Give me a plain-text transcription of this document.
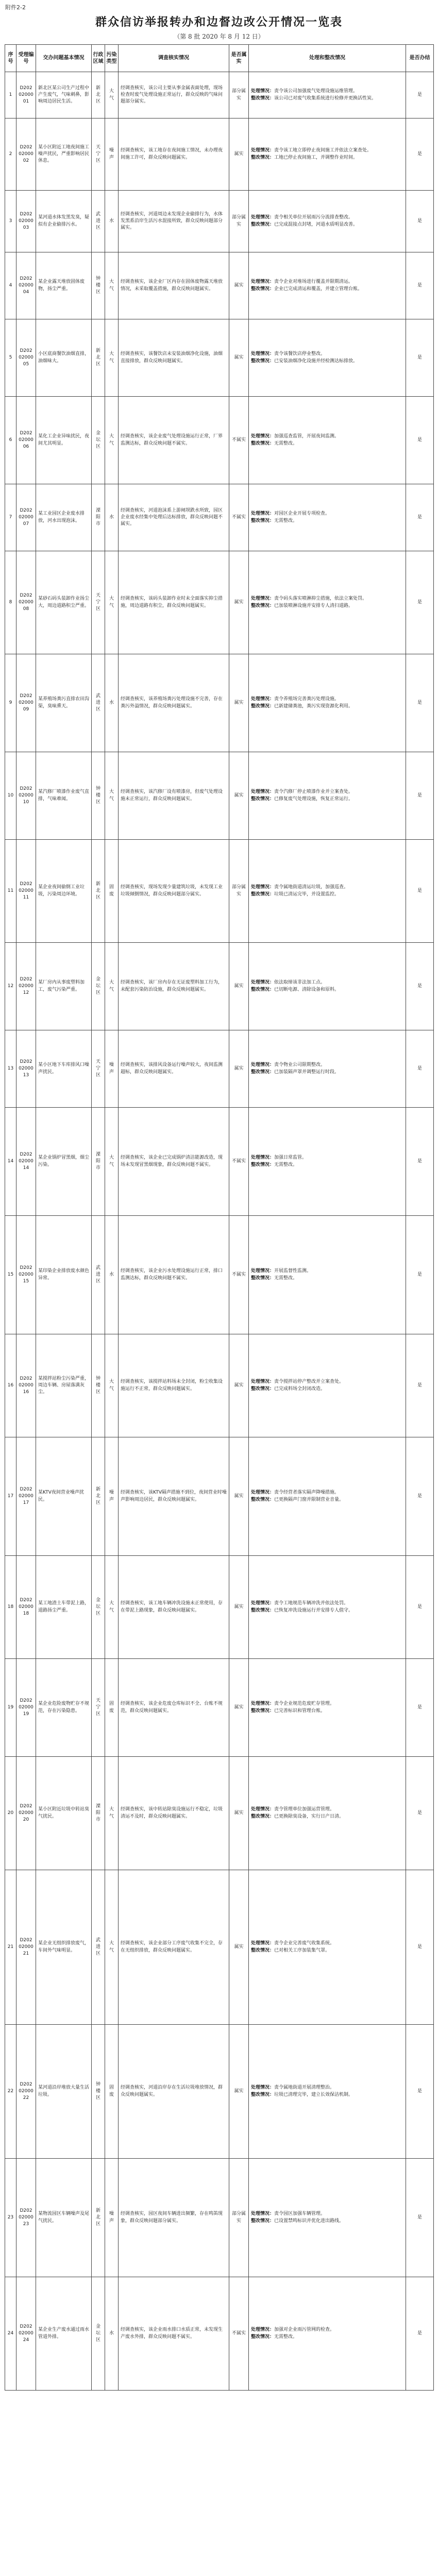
附件2-2
群众信访举报转办和边督边改公开情况一览表
（第 8 批 2020 年 8 月 12 日）
序号	受理编号	交办问题基本情况	行政区域	污染类型	调查核实情况	是否属实	处理和整改情况	是否办结
1	D2020200001	新北区某公司生产过程中产生废气，气味刺鼻，影响周边居民生活。	新北区	大气	经调查核实，该公司主要从事金属表面处理，现场检查时废气处理设施正常运行，群众反映的气味问题部分属实。	部分属实	处理情况：责令该公司加强废气处理设施运维管理。
整改情况：该公司已对废气收集系统进行检修并更换活性炭。	是
2	D2020200002	某小区附近工地夜间施工噪声扰民，严重影响居民休息。	天宁区	噪声	经调查核实，该工地存在夜间施工情况，未办理夜间施工许可，群众反映问题属实。	属实	处理情况：责令该工地立即停止夜间施工并依法立案查处。
整改情况：工地已停止夜间施工，并调整作业时间。	是
3	D2020200003	某河道水体发黑发臭，疑似有企业偷排污水。	武进区	水	经调查核实，河道周边未发现企业偷排行为，水体发黑系沿岸生活污水混接所致，群众反映问题部分属实。	部分属实	处理情况：责令相关单位开展雨污分流排查整改。
整改情况：已完成混接点封堵，河道水质明显改善。	是
4	D2020200004	某企业露天堆放固体废物，扬尘严重。	钟楼区	大气	经调查核实，该企业厂区内存在固体废物露天堆放情况，未采取覆盖措施，群众反映问题属实。	属实	处理情况：责令企业对堆场进行覆盖并限期清运。
整改情况：企业已完成清运和覆盖，并建立管理台账。	是
5	D2020200005	小区底商餐饮油烟直排，油烟味大。	新北区	大气	经调查核实，该餐饮店未安装油烟净化设施，油烟直接排放，群众反映问题属实。	属实	处理情况：责令该餐饮店停业整改。
整改情况：已安装油烟净化设施并经检测达标排放。	是
6	D2020200006	某化工企业异味扰民，夜间尤其明显。	金坛区	大气	经调查核实，该企业废气处理设施运行正常，厂界监测达标，群众反映问题不属实。	不属实	处理情况：加强巡查监管，开展夜间监测。
整改情况：无需整改。	是
7	D2020200007	某工业园区企业废水排放，河水出现泡沫。	溧阳市	水	经调查核实，河道泡沫系上游闸坝跌水所致，园区企业废水经集中处理后达标排放，群众反映问题不属实。	不属实	处理情况：对园区企业开展专项检查。
整改情况：无需整改。	是
8	D2020200008	某砂石码头装卸作业扬尘大，周边道路积尘严重。	天宁区	大气	经调查核实，该码头装卸作业时未全面落实抑尘措施，周边道路有积尘，群众反映问题属实。	属实	处理情况：责令码头落实喷淋抑尘措施，依法立案处罚。
整改情况：已加装喷淋设施并安排专人清扫道路。	是
9	D2020200009	某养殖场粪污直排农田沟渠，臭味熏天。	武进区	水	经调查核实，该养殖场粪污处理设施不完善，存在粪污外溢情况，群众反映问题属实。	属实	处理情况：责令养殖场完善粪污处理设施。
整改情况：已新建储粪池，粪污实现资源化利用。	是
10	D2020200010	某汽修厂喷漆作业废气直排，气味难闻。	钟楼区	大气	经调查核实，该汽修厂设有喷漆房，但废气处理设施未正常运行，群众反映问题属实。	属实	处理情况：责令汽修厂停止喷漆作业并立案查处。
整改情况：已修复废气处理设施，恢复正常运行。	是
11	D2020200011	某企业夜间偷倒工业垃圾，污染周边环境。	新北区	固废	经调查核实，现场发现少量建筑垃圾，未发现工业垃圾倾倒情况，群众反映问题部分属实。	部分属实	处理情况：责令属地街道清运垃圾，加强巡查。
整改情况：垃圾已清运完毕，并设置监控。	是
12	D2020200012	某厂房内从事废塑料加工，废气污染严重。	金坛区	大气	经调查核实，该厂房内存在无证废塑料加工行为，未配套污染防治设施，群众反映问题属实。	属实	处理情况：依法取缔该非法加工点。
整改情况：已切断电源、清除设备和原料。	是
13	D2020200013	某小区地下车库排风口噪声扰民。	天宁区	噪声	经调查核实，该排风设备运行噪声较大，夜间监测超标，群众反映问题属实。	属实	处理情况：责令物业公司限期整改。
整改情况：已加装隔声罩并调整运行时段。	是
14	D2020200014	某企业锅炉冒黑烟，烟尘污染。	溧阳市	大气	经调查核实，该企业已完成锅炉清洁能源改造，现场未发现冒黑烟现象，群众反映问题不属实。	不属实	处理情况：加强日常监管。
整改情况：无需整改。	是
15	D2020200015	某印染企业排放废水颜色异常。	武进区	水	经调查核实，该企业污水处理设施运行正常，排口监测达标，群众反映问题不属实。	不属实	处理情况：开展监督性监测。
整改情况：无需整改。	是
16	D2020200016	某搅拌站粉尘污染严重，周边车辆、房屋落满灰尘。	钟楼区	大气	经调查核实，该搅拌站料场未全封闭，粉尘收集设施运行不正常，群众反映问题属实。	属实	处理情况：责令搅拌站停产整改并立案查处。
整改情况：已完成料场全封闭改造。	是
17	D2020200017	某KTV夜间营业噪声扰民。	新北区	噪声	经调查核实，该KTV隔声措施不到位，夜间营业时噪声影响周边居民，群众反映问题属实。	属实	处理情况：责令经营者落实隔声降噪措施。
整改情况：已更换隔声门窗并限制营业音量。	是
18	D2020200018	某工地渣土车带泥上路，道路扬尘严重。	金坛区	大气	经调查核实，该工地车辆冲洗设施未正常使用，存在带泥上路现象，群众反映问题属实。	属实	处理情况：责令工地规范车辆冲洗并依法处罚。
整改情况：已恢复冲洗设施运行并安排专人值守。	是
19	D2020200019	某企业危险废物贮存不规范，存在污染隐患。	天宁区	固废	经调查核实，该企业危废仓库标识不全、台账不规范，群众反映问题属实。	属实	处理情况：责令企业规范危废贮存管理。
整改情况：已完善标识和管理台账。	是
20	D2020200020	某小区附近垃圾中转站臭气扰民。	溧阳市	大气	经调查核实，该中转站除臭设施运行不稳定，垃圾清运不及时，群众反映问题属实。	属实	处理情况：责令管理单位加强运营管理。
整改情况：已更换除臭设备，实行日产日清。	是
21	D2020200021	某企业无组织排放废气，车间外气味明显。	武进区	大气	经调查核实，该企业部分工序废气收集不完全，存在无组织排放，群众反映问题属实。	属实	处理情况：责令企业完善废气收集系统。
整改情况：已对相关工序加装集气罩。	是
22	D2020200022	某河道沿岸堆放大量生活垃圾。	钟楼区	固废	经调查核实，河道沿岸存在生活垃圾堆放情况，群众反映问题属实。	属实	处理情况：责令属地街道开展清理整治。
整改情况：垃圾已清理完毕，建立长效保洁机制。	是
23	D2020200023	某物流园区车辆噪声及尾气扰民。	新北区	噪声	经调查核实，园区夜间车辆进出频繁，存在鸣笛现象，群众反映问题部分属实。	部分属实	处理情况：责令园区加强车辆管理。
整改情况：已设置禁鸣标识并优化进出路线。	是
24	D2020200024	某企业生产废水通过雨水管道外排。	金坛区	水	经调查核实，该企业雨水排口水质正常，未发现生产废水外排，群众反映问题不属实。	不属实	处理情况：加强对企业雨污管网的检查。
整改情况：无需整改。	是
